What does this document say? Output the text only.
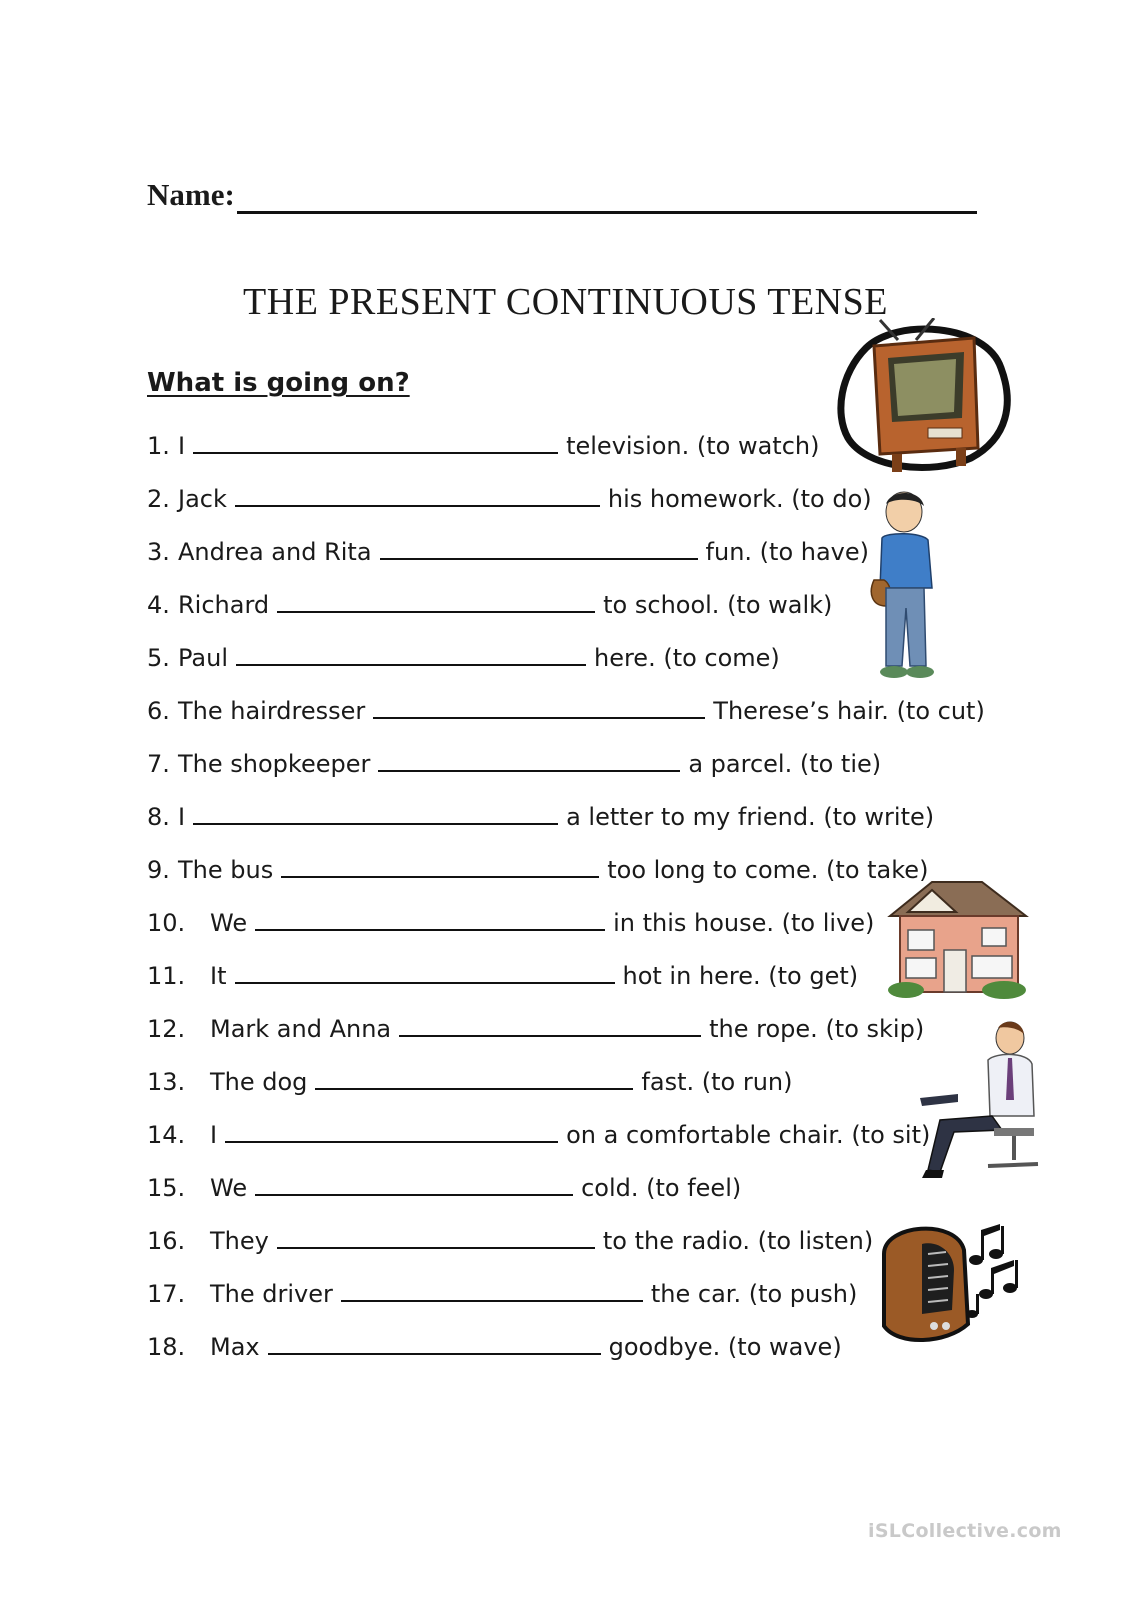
Name:
THE PRESENT CONTINUOUS TENSE
What is going on?
1. I	television. (to watch)
2. Jack	his homework. (to do)
3. Andrea and Rita	fun. (to have)
4. Richard	to school. (to walk)
5. Paul	here. (to come)
6. The hairdresser	Therese’s hair. (to cut)
7. The shopkeeper	a parcel. (to tie)
8. I	a letter to my friend. (to write)
9. The bus	too long to come. (to take)
10.	We	in this house. (to live)
11.	It	hot in here. (to get)
12.	Mark and Anna	the rope. (to skip)
13.	The dog	fast. (to run)
14.	I	on a comfortable chair. (to sit)
15.	We	cold. (to feel)
16.	They	to the radio. (to listen)
17.	The driver	the car. (to push)
18.	Max	goodbye. (to wave)
iSLCollective.com
